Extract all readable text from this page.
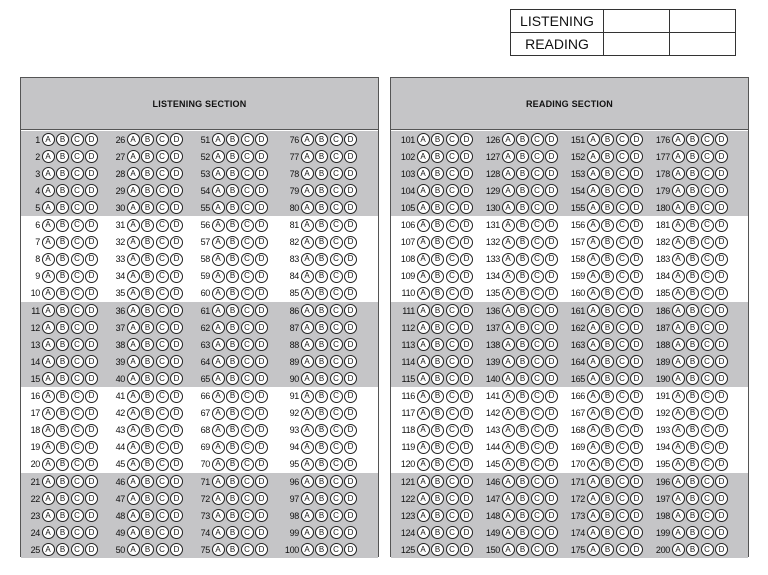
LISTENING		
READING		
LISTENING SECTION
1 A	B	C	D
2 A	B	C	D
3 A	B	C	D
4 A	B	C	D
5 A	B	C	D
6 A	B	C	D
7 A	B	C	D
8 A	B	C	D
9 A	B	C	D
10 A	B	C	D
11 A	B	C	D
12 A	B	C	D
13 A	B	C	D
14 A	B	C	D
15 A	B	C	D
16 A	B	C	D
17 A	B	C	D
18 A	B	C	D
19 A	B	C	D
20 A	B	C	D
21 A	B	C	D
22 A	B	C	D
23 A	B	C	D
24 A	B	C	D
25 A	B	C	D
26 A	B	C	D
27 A	B	C	D
28 A	B	C	D
29 A	B	C	D
30 A	B	C	D
31 A	B	C	D
32 A	B	C	D
33 A	B	C	D
34 A	B	C	D
35 A	B	C	D
36 A	B	C	D
37 A	B	C	D
38 A	B	C	D
39 A	B	C	D
40 A	B	C	D
41 A	B	C	D
42 A	B	C	D
43 A	B	C	D
44 A	B	C	D
45 A	B	C	D
46 A	B	C	D
47 A	B	C	D
48 A	B	C	D
49 A	B	C	D
50 A	B	C	D
51 A	B	C	D
52 A	B	C	D
53 A	B	C	D
54 A	B	C	D
55 A	B	C	D
56 A	B	C	D
57 A	B	C	D
58 A	B	C	D
59 A	B	C	D
60 A	B	C	D
61 A	B	C	D
62 A	B	C	D
63 A	B	C	D
64 A	B	C	D
65 A	B	C	D
66 A	B	C	D
67 A	B	C	D
68 A	B	C	D
69 A	B	C	D
70 A	B	C	D
71 A	B	C	D
72 A	B	C	D
73 A	B	C	D
74 A	B	C	D
75 A	B	C	D
76 A	B	C	D
77 A	B	C	D
78 A	B	C	D
79 A	B	C	D
80 A	B	C	D
81 A	B	C	D
82 A	B	C	D
83 A	B	C	D
84 A	B	C	D
85 A	B	C	D
86 A	B	C	D
87 A	B	C	D
88 A	B	C	D
89 A	B	C	D
90 A	B	C	D
91 A	B	C	D
92 A	B	C	D
93 A	B	C	D
94 A	B	C	D
95 A	B	C	D
96 A	B	C	D
97 A	B	C	D
98 A	B	C	D
99 A	B	C	D
100 A	B	C	D
READING SECTION
101 A	B	C	D
102 A	B	C	D
103 A	B	C	D
104 A	B	C	D
105 A	B	C	D
106 A	B	C	D
107 A	B	C	D
108 A	B	C	D
109 A	B	C	D
110 A	B	C	D
111 A	B	C	D
112 A	B	C	D
113 A	B	C	D
114 A	B	C	D
115 A	B	C	D
116 A	B	C	D
117 A	B	C	D
118 A	B	C	D
119 A	B	C	D
120 A	B	C	D
121 A	B	C	D
122 A	B	C	D
123 A	B	C	D
124 A	B	C	D
125 A	B	C	D
126 A	B	C	D
127 A	B	C	D
128 A	B	C	D
129 A	B	C	D
130 A	B	C	D
131 A	B	C	D
132 A	B	C	D
133 A	B	C	D
134 A	B	C	D
135 A	B	C	D
136 A	B	C	D
137 A	B	C	D
138 A	B	C	D
139 A	B	C	D
140 A	B	C	D
141 A	B	C	D
142 A	B	C	D
143 A	B	C	D
144 A	B	C	D
145 A	B	C	D
146 A	B	C	D
147 A	B	C	D
148 A	B	C	D
149 A	B	C	D
150 A	B	C	D
151 A	B	C	D
152 A	B	C	D
153 A	B	C	D
154 A	B	C	D
155 A	B	C	D
156 A	B	C	D
157 A	B	C	D
158 A	B	C	D
159 A	B	C	D
160 A	B	C	D
161 A	B	C	D
162 A	B	C	D
163 A	B	C	D
164 A	B	C	D
165 A	B	C	D
166 A	B	C	D
167 A	B	C	D
168 A	B	C	D
169 A	B	C	D
170 A	B	C	D
171 A	B	C	D
172 A	B	C	D
173 A	B	C	D
174 A	B	C	D
175 A	B	C	D
176 A	B	C	D
177 A	B	C	D
178 A	B	C	D
179 A	B	C	D
180 A	B	C	D
181 A	B	C	D
182 A	B	C	D
183 A	B	C	D
184 A	B	C	D
185 A	B	C	D
186 A	B	C	D
187 A	B	C	D
188 A	B	C	D
189 A	B	C	D
190 A	B	C	D
191 A	B	C	D
192 A	B	C	D
193 A	B	C	D
194 A	B	C	D
195 A	B	C	D
196 A	B	C	D
197 A	B	C	D
198 A	B	C	D
199 A	B	C	D
200 A	B	C	D
